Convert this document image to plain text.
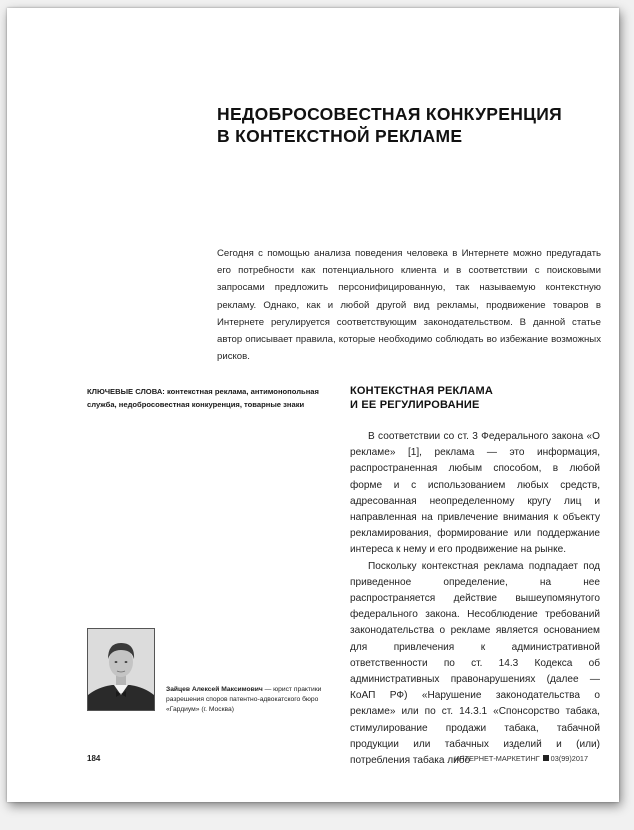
НЕДОБРОСОВЕСТНАЯ КОНКУРЕНЦИЯ
В КОНТЕКСТНОЙ РЕКЛАМЕ
Сегодня с помощью анализа поведения человека в Интернете можно предугадать его потребности как потенциального клиента и в соответствии с поисковыми запросами предложить персонифицированную, так называемую контекстную рекламу. Однако, как и любой другой вид рекламы, продвижение товаров в Интернете регулируется соответствующим законодательством. В данной статье автор описывает правила, которые необходимо соблюдать во избежание возможных рисков.
КЛЮЧЕВЫЕ СЛОВА: контекстная реклама, антимонопольная служба, недобросовестная конкуренция, товарные знаки
КОНТЕКСТНАЯ РЕКЛАМА
И ЕЕ РЕГУЛИРОВАНИЕ

В соответствии со ст. 3 Федерального закона «О рекламе» [1], реклама — это информация, распространенная любым способом, в любой форме и с использованием любых средств, адресованная неопределенному кругу лиц и направленная на привлечение внимания к объекту рекламирования, формирование или поддержание интереса к нему и его продвижение на рынке.

Поскольку контекстная реклама подпадает под приведенное определение, на нее распространяется действие вышеупомянутого федерального закона. Несоблюдение требований законодательства о рекламе является основанием для привлечения к административной ответственности по ст. 14.3 Кодекса об административных правонарушениях (далее — КоАП РФ) «Нарушение законодательства о рекламе» или по ст. 14.3.1 «Спонсорство табака, стимулирование продажи табака, табачной продукции или табачных изделий и (или) потребления табака либо

Зайцев Алексей Максимович — юрист практики разрешения споров патентно-адвокатского бюро «Гардиум» (г. Москва)
184	ИНТЕРНЕТ-МАРКЕТИНГ 03(99)2017
